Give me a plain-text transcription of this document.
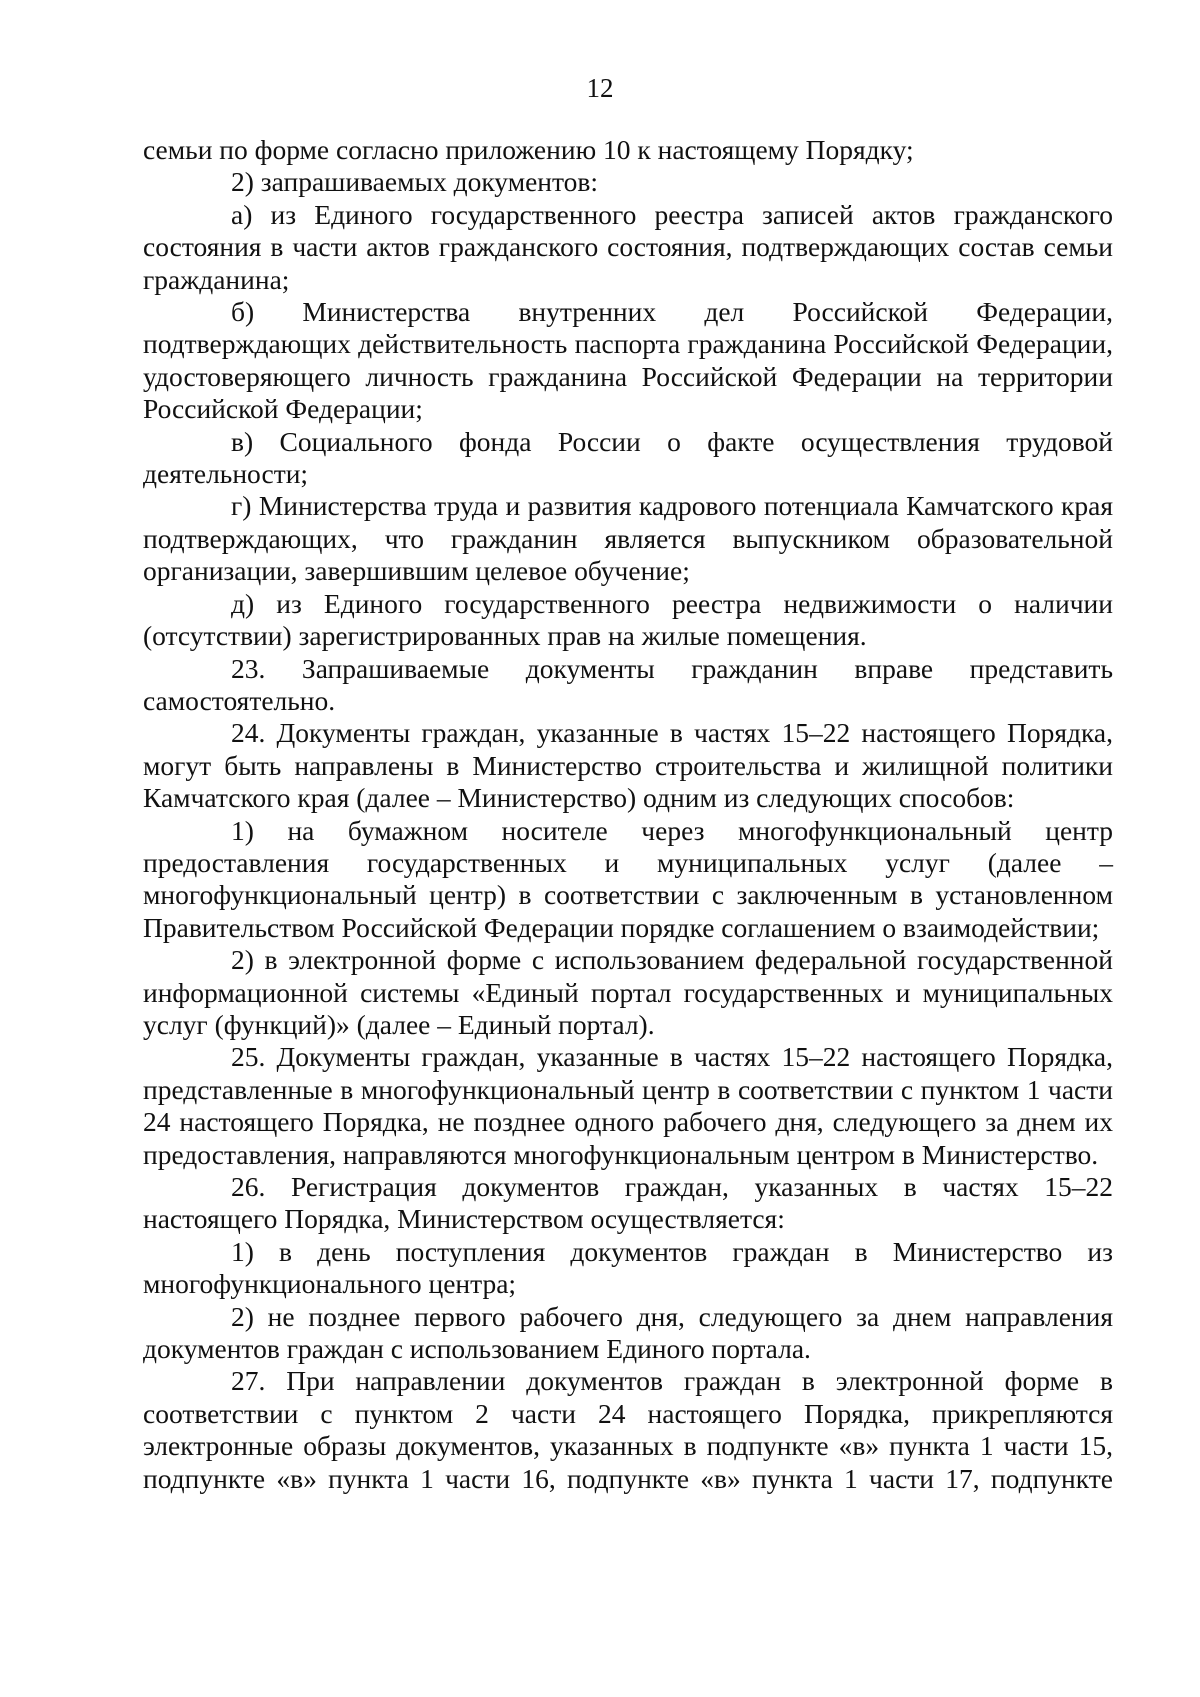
12

семьи по форме согласно приложению 10 к настоящему Порядку;

2) запрашиваемых документов:

а) из Единого государственного реестра записей актов гражданского состояния в части актов гражданского состояния, подтверждающих состав семьи гражданина;

б) Министерства внутренних дел Российской Федерации, подтверждающих действительность паспорта гражданина Российской Федерации, удостоверяющего личность гражданина Российской Федерации на территории Российской Федерации;

в) Социального фонда России о факте осуществления трудовой деятельности;

г) Министерства труда и развития кадрового потенциала Камчатского края подтверждающих, что гражданин является выпускником образовательной организации, завершившим целевое обучение;

д) из Единого государственного реестра недвижимости о наличии (отсутствии) зарегистрированных прав на жилые помещения.

23. Запрашиваемые документы гражданин вправе представить самостоятельно.

24. Документы граждан, указанные в частях 15–22 настоящего Порядка, могут быть направлены в Министерство строительства и жилищной политики Камчатского края (далее – Министерство) одним из следующих способов:

1) на бумажном носителе через многофункциональный центр предоставления государственных и муниципальных услуг (далее – многофункциональный центр) в соответствии с заключенным в установленном Правительством Российской Федерации порядке соглашением о взаимодействии;

2) в электронной форме с использованием федеральной государственной информационной системы «Единый портал государственных и муниципальных услуг (функций)» (далее – Единый портал).

25. Документы граждан, указанные в частях 15–22 настоящего Порядка, представленные в многофункциональный центр в соответствии с пунктом 1 части 24 настоящего Порядка, не позднее одного рабочего дня, следующего за днем их предоставления, направляются многофункциональным центром в Министерство.

26. Регистрация документов граждан, указанных в частях 15–22 настоящего Порядка, Министерством осуществляется:

1) в день поступления документов граждан в Министерство из многофункционального центра;

2) не позднее первого рабочего дня, следующего за днем направления документов граждан с использованием Единого портала.

27. При направлении документов граждан в электронной форме в соответствии с пунктом 2 части 24 настоящего Порядка, прикрепляются электронные образы документов, указанных в подпункте «в» пункта 1 части 15, подпункте «в» пункта 1 части 16, подпункте «в» пункта 1 части 17, подпункте
